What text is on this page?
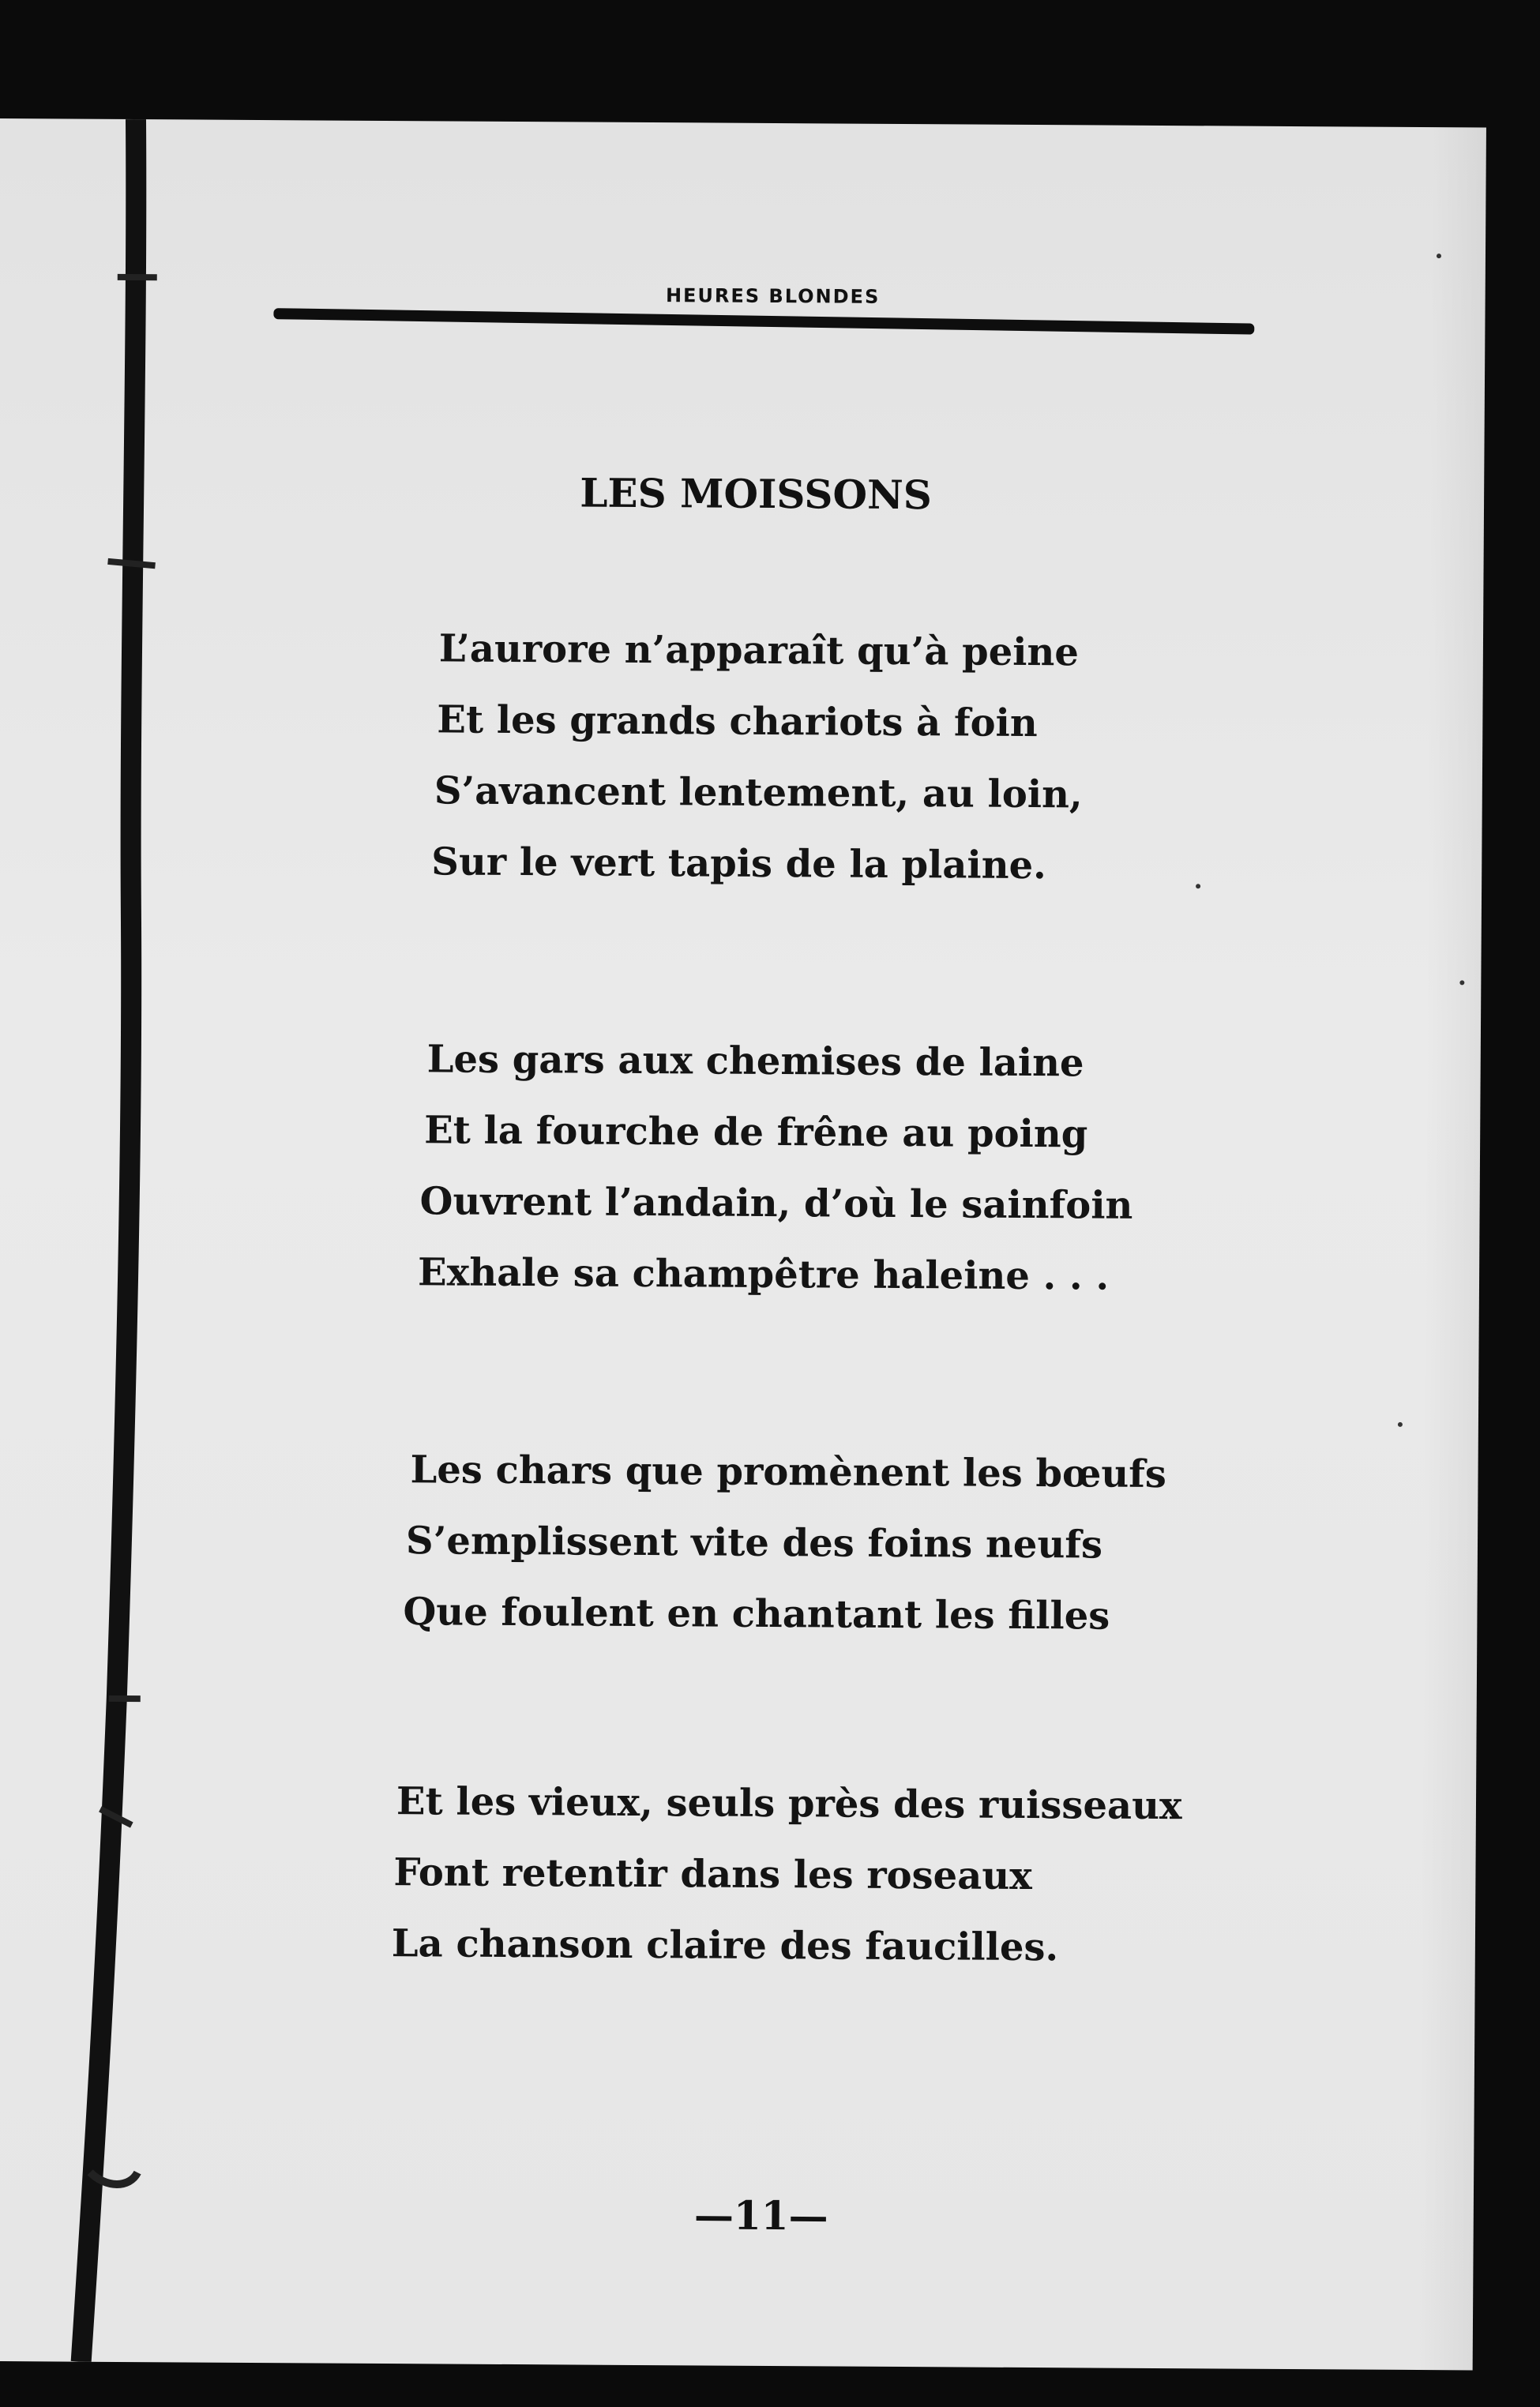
HEURES BLONDES
LES MOISSONS
L’aurore n’apparaît qu’à peine
Et les grands chariots à foin
S’avancent lentement, au loin,
Sur le vert tapis de la plaine.
Les gars aux chemises de laine
Et la fourche de frêne au poing
Ouvrent l’andain, d’où le sainfoin
Exhale sa champêtre haleine . . .
Les chars que promènent les bœufs
S’emplissent vite des foins neufs
Que foulent en chantant les filles
Et les vieux, seuls près des ruisseaux
Font retentir dans les roseaux
La chanson claire des faucilles.
—11—
